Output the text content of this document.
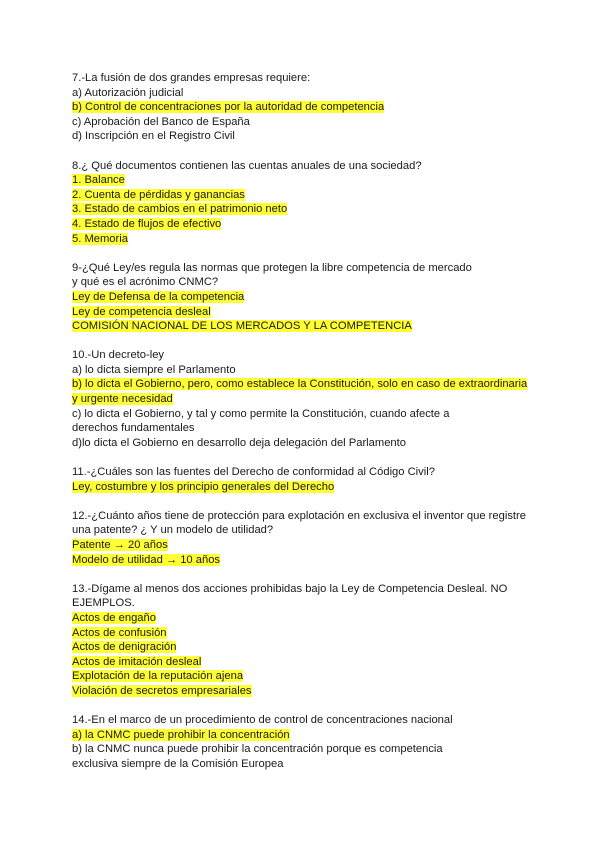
7.-La fusión de dos grandes empresas requiere:
a) Autorización judicial
b) Control de concentraciones por la autoridad de competencia
c) Aprobación del Banco de España
d) Inscripción en el Registro Civil
8.¿ Qué documentos contienen las cuentas anuales de una sociedad?
1. Balance
2. Cuenta de pérdidas y ganancias
3. Estado de cambios en el patrimonio neto
4. Estado de flujos de efectivo
5. Memoria
9-¿Qué Ley/es regula las normas que protegen la libre competencia de mercado
y qué es el acrónimo CNMC?
Ley de Defensa de la competencia
Ley de competencia desleal
COMISIÓN NACIONAL DE LOS MERCADOS Y LA COMPETENCIA
10.-Un decreto-ley
a) lo dicta siempre el Parlamento
b) lo dicta el Gobierno, pero, como establece la Constitución, solo en caso de extraordinaria
y urgente necesidad
c) lo dicta el Gobierno, y tal y como permite la Constitución, cuando afecte a
derechos fundamentales
d)lo dicta el Gobierno en desarrollo deja delegación del Parlamento
11.-¿Cuáles son las fuentes del Derecho de conformidad al Código Civil?
Ley, costumbre y los principio generales del Derecho
12.-¿Cuánto años tiene de protección para explotación en exclusiva el inventor que registre
una patente? ¿ Y un modelo de utilidad?
Patente → 20 años
Modelo de utilidad → 10 años
13.-Dígame al menos dos acciones prohibidas bajo la Ley de Competencia Desleal. NO
EJEMPLOS.
Actos de engaño
Actos de confusión
Actos de denigración
Actos de imitación desleal
Explotación de la reputación ajena
Violación de secretos empresariales
14.-En el marco de un procedimiento de control de concentraciones nacional
a) la CNMC puede prohibir la concentración
b) la CNMC nunca puede prohibir la concentración porque es competencia
exclusiva siempre de la Comisión Europea
